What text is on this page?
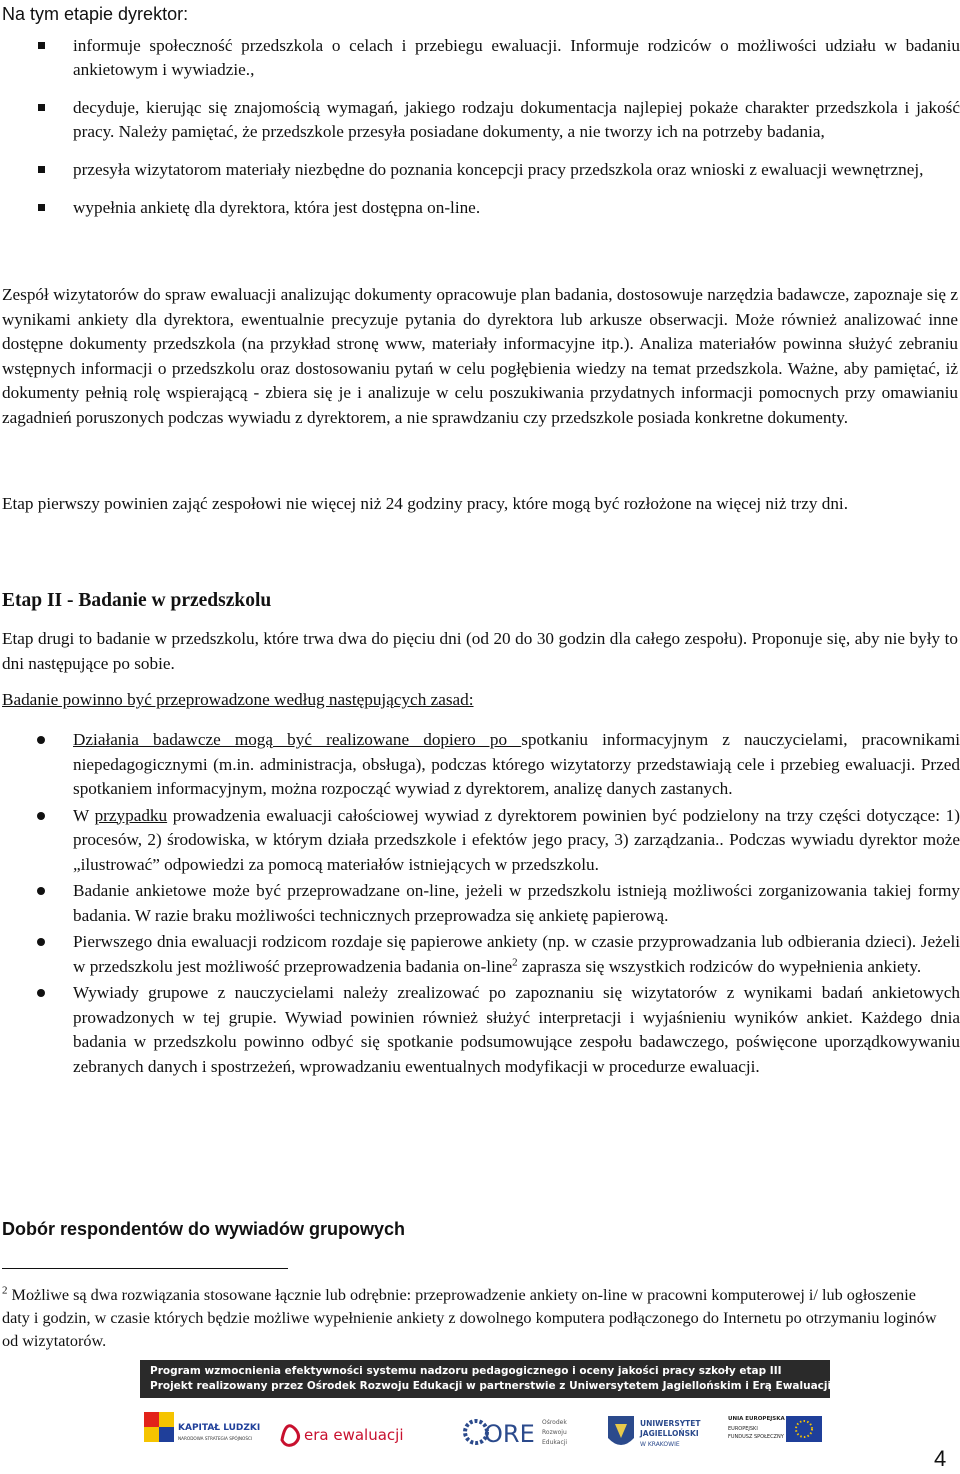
Na tym etapie dyrektor:
informuje społeczność przedszkola o celach i przebiegu ewaluacji. Informuje rodziców o możliwości udziału w badaniu ankietowym i wywiadzie.,
decyduje, kierując się znajomością wymagań, jakiego rodzaju dokumentacja najlepiej pokaże charakter przedszkola i jakość pracy. Należy pamiętać, że przedszkole przesyła posiadane dokumenty, a nie tworzy ich na potrzeby badania,
przesyła wizytatorom materiały niezbędne do poznania koncepcji pracy przedszkola oraz wnioski z ewaluacji wewnętrznej,
wypełnia ankietę dla dyrektora, która jest dostępna on-line.
Zespół wizytatorów do spraw ewaluacji analizując dokumenty opracowuje plan badania, dostosowuje narzędzia badawcze, zapoznaje się z wynikami ankiety dla dyrektora, ewentualnie precyzuje pytania do dyrektora lub arkusze obserwacji. Może również analizować inne dostępne dokumenty przedszkola (na przykład stronę www, materiały informacyjne itp.). Analiza materiałów powinna służyć zebraniu wstępnych informacji o przedszkolu oraz dostosowaniu pytań w celu pogłębienia wiedzy na temat przedszkola. Ważne, aby pamiętać, iż dokumenty pełnią rolę wspierającą - zbiera się je i analizuje w celu poszukiwania przydatnych informacji pomocnych przy omawianiu zagadnień poruszonych podczas wywiadu z dyrektorem, a nie sprawdzaniu czy przedszkole posiada konkretne dokumenty.
Etap pierwszy powinien zająć zespołowi nie więcej niż 24 godziny pracy, które mogą być rozłożone na więcej niż trzy dni.
Etap II - Badanie w przedszkolu
Etap drugi to badanie w przedszkolu, które trwa dwa do pięciu dni (od 20 do 30 godzin dla całego zespołu). Proponuje się, aby nie były to dni następujące po sobie.
Badanie powinno być przeprowadzone według następujących zasad:
Działania badawcze mogą być realizowane dopiero po spotkaniu informacyjnym z nauczycielami, pracownikami niepedagogicznymi (m.in. administracja, obsługa), podczas którego wizytatorzy przedstawiają cele i przebieg ewaluacji. Przed spotkaniem informacyjnym, można rozpocząć wywiad z dyrektorem, analizę danych zastanych.
W przypadku prowadzenia ewaluacji całościowej wywiad z dyrektorem powinien być podzielony na trzy części dotyczące: 1) procesów, 2) środowiska, w którym działa przedszkole i efektów jego pracy, 3) zarządzania.. Podczas wywiadu dyrektor może „ilustrować” odpowiedzi za pomocą materiałów istniejących w przedszkolu.
Badanie ankietowe może być przeprowadzane on-line, jeżeli w przedszkolu istnieją możliwości zorganizowania takiej formy badania. W razie braku możliwości technicznych przeprowadza się ankietę papierową.
Pierwszego dnia ewaluacji rodzicom rozdaje się papierowe ankiety (np. w czasie przyprowadzania lub odbierania dzieci). Jeżeli w przedszkolu jest możliwość przeprowadzenia badania on-line$^2$ zaprasza się wszystkich rodziców do wypełnienia ankiety.
Wywiady grupowe z nauczycielami należy zrealizować po zapoznaniu się wizytatorów z wynikami badań ankietowych prowadzonych w tej grupie. Wywiad powinien również służyć interpretacji i wyjaśnieniu wyników ankiet. Każdego dnia badania w przedszkolu powinno odbyć się spotkanie podsumowujące zespołu badawczego, poświęcone uporządkowywaniu zebranych danych i spostrzeżeń, wprowadzaniu ewentualnych modyfikacji w procedurze ewaluacji.
Dobór respondentów do wywiadów grupowych
$^2$ Możliwe są dwa rozwiązania stosowane łącznie lub odrębnie: przeprowadzenie ankiety on-line w pracowni komputerowej i/ lub ogłoszenie daty i godzin, w czasie których będzie możliwe wypełnienie ankiety z dowolnego komputera podłączonego do Internetu po otrzymaniu loginów od wizytatorów.
Program wzmocnienia efektywności systemu nadzoru pedagogicznego i oceny jakości pracy szkoły etap III
Projekt realizowany przez Ośrodek Rozwoju Edukacji w partnerstwie z Uniwersytetem Jagiellońskim i Erą Ewaluacji Sp. z.o.o
KAPITAŁ LUDZKI
NARODOWA STRATEGIA SPÓJNOŚCI	era ewaluacji	ORE Ośrodek
Rozwoju
Edukacji
UNIWERSYTET
JAGIELLOŃSKI
W KRAKOWIE
UNIA EUROPEJSKA
EUROPEJSKI
FUNDUSZ SPOŁECZNY
4
